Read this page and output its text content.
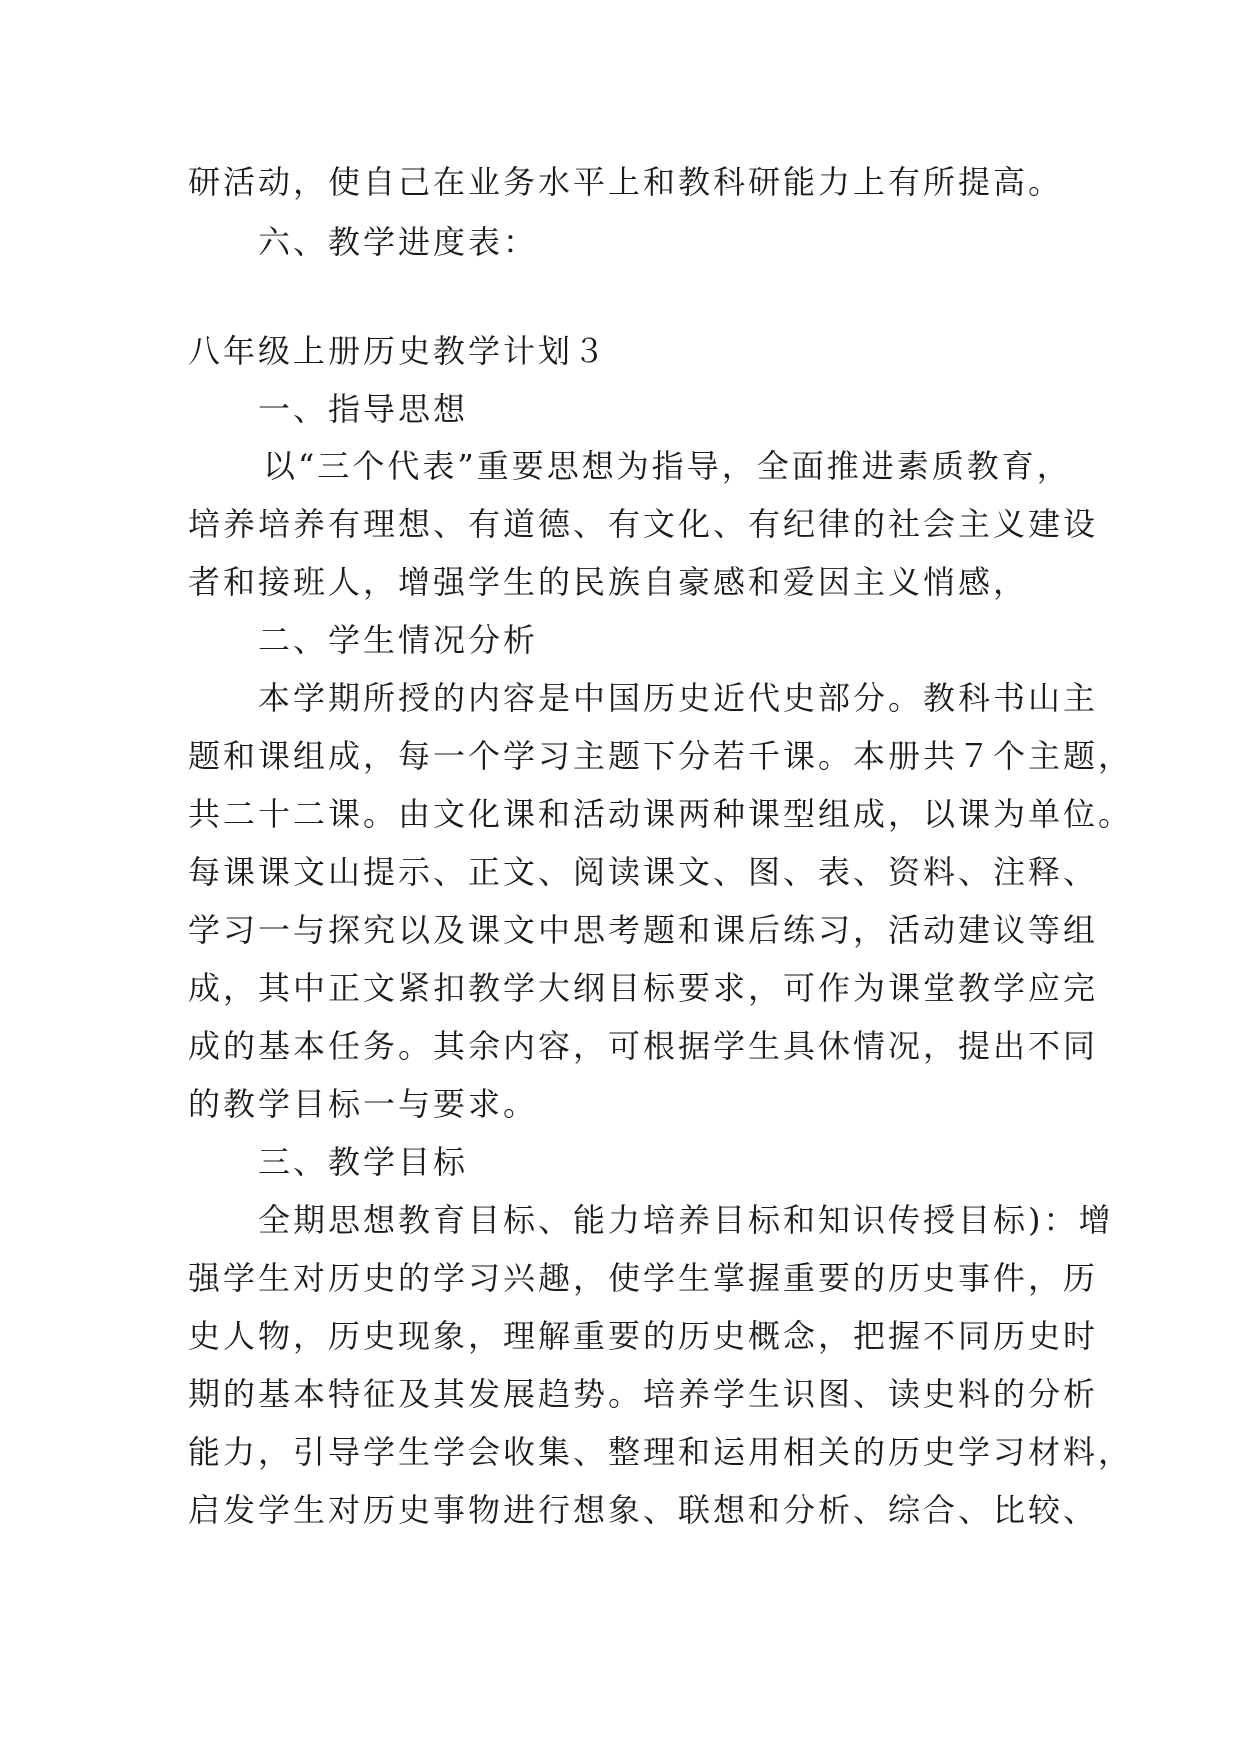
研活动，使自己在业务水平上和教科研能力上有所提高。
六、教学进度表：
八年级上册历史教学计划３
一、指导思想
以“三个代表”重要思想为指导，全面推进素质教育，
培养培养有理想、有道德、有文化、有纪律的社会主义建设
者和接班人，增强学生的民族自豪感和爱因主义悄感，
二、学生情况分析
本学期所授的内容是中国历史近代史部分。教科书山主
题和课组成，每一个学习主题下分若千课。本册共７个主题，
共二十二课。由文化课和活动课两种课型组成，以课为单位。
每课课文山提示、正文、阅读课文、图、表、资料、注释、
学习一与探究以及课文中思考题和课后练习，活动建议等组
成，其中正文紧扣教学大纲目标要求，可作为课堂教学应完
成的基本任务。其余内容，可根据学生具休情况，提出不同
的教学目标一与要求。
三、教学目标
全期思想教育目标、能力培养目标和知识传授目标)：增
强学生对历史的学习兴趣，使学生掌握重要的历史事件，历
史人物，历史现象，理解重要的历史概念，把握不同历史时
期的基本特征及其发展趋势。培养学生识图、读史料的分析
能力，引导学生学会收集、整理和运用相关的历史学习材料，
启发学生对历史事物进行想象、联想和分析、综合、比较、
